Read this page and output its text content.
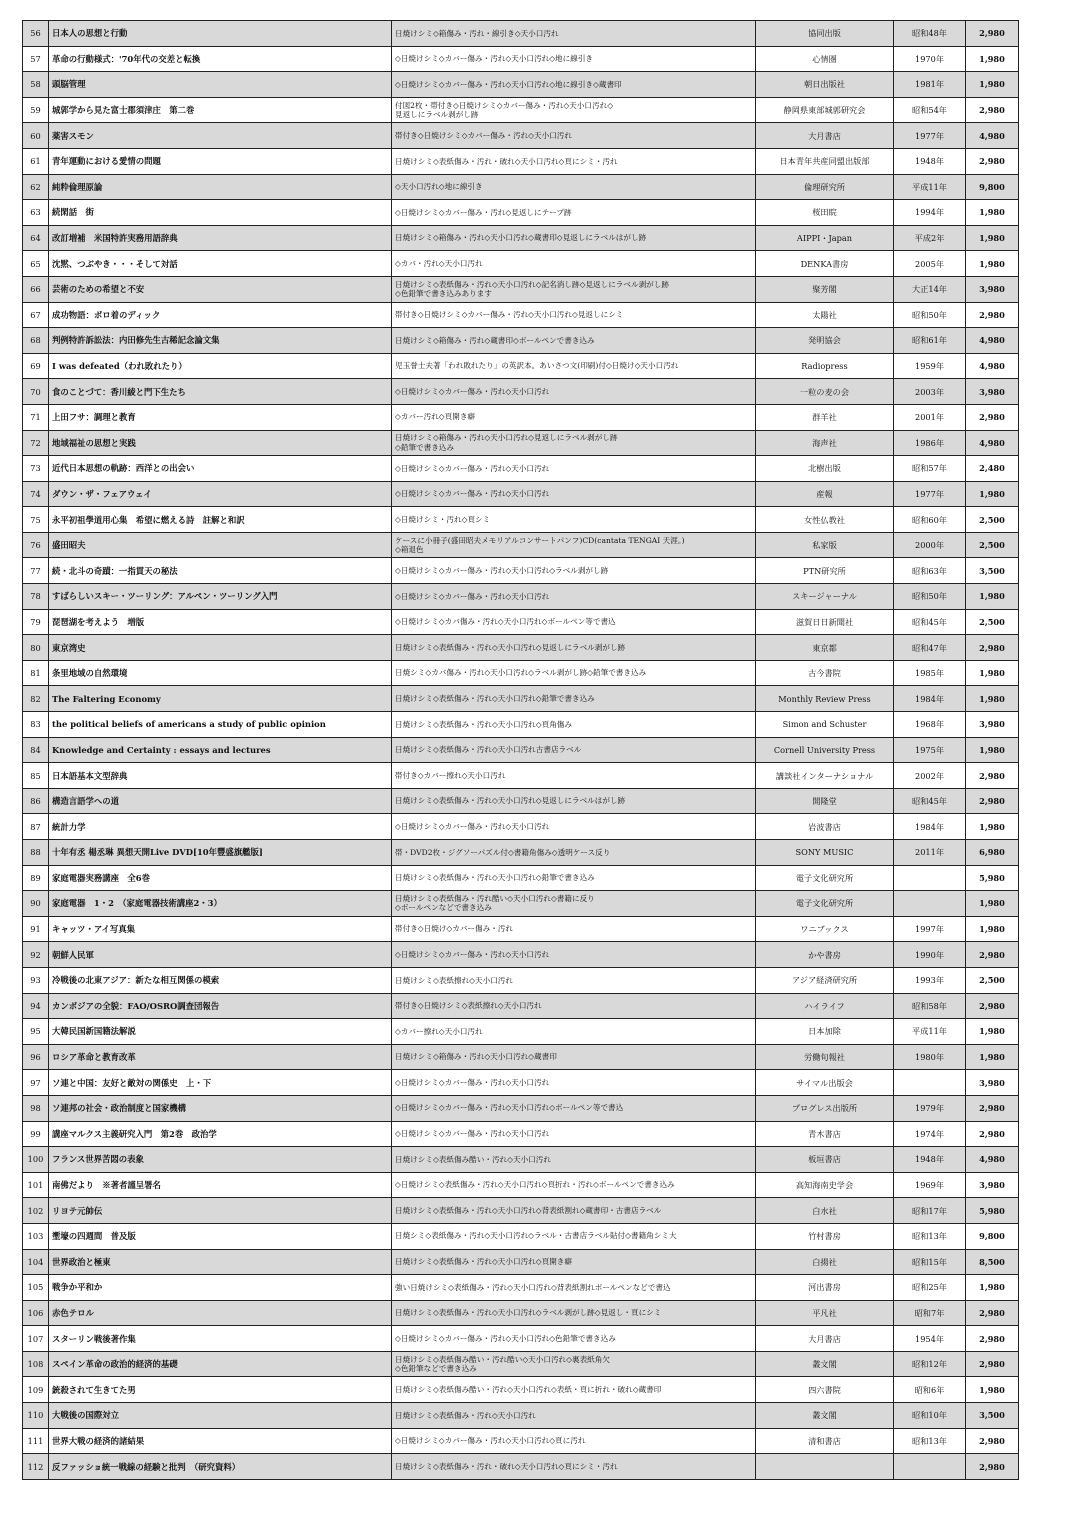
56	日本人の思想と行動	日焼けシミ◇箱傷み・汚れ・線引き◇天小口汚れ	協同出版	昭和48年	2,980
57	革命の行動様式：'70年代の交差と転換	◇日焼けシミ◇カバー傷み・汚れ◇天小口汚れ◇地に線引き	心情圏	1970年	1,980
58	頭脳管理	◇日焼けシミ◇カバー傷み・汚れ◇天小口汚れ◇地に線引き◇蔵書印	朝日出版社	1981年	1,980
59	城郭学から見た富士郡須津庄　第二巻	付図2枚・帯付き◇日焼けシミ◇カバー傷み・汚れ◇天小口汚れ◇
見返しにラベル剥がし跡	静岡県東部城郭研究会	昭和54年	2,980
60	薬害スモン	帯付き◇日焼けシミ◇カバー傷み・汚れ◇天小口汚れ	大月書店	1977年	4,980
61	青年運動における愛情の問題	日焼けシミ◇表紙傷み・汚れ・破れ◇天小口汚れ◇頁にシミ・汚れ	日本青年共産同盟出版部	1948年	2,980
62	純粋倫理原論	◇天小口汚れ◇地に線引き	倫理研究所	平成11年	9,800
63	続閑話　街	◇日焼けシミ◇カバー傷み・汚れ◇見返しにテープ跡	桜田睆	1994年	1,980
64	改訂増補　米国特許実務用語辞典	日焼けシミ◇箱傷み・汚れ◇天小口汚れ◇蔵書印◇見返しにラベルはがし跡	AIPPI・Japan	平成2年	1,980
65	沈黙、つぶやき・・・そして対話	◇カバ・汚れ◇天小口汚れ	DENKA書房	2005年	1,980
66	芸術のための希望と不安	日焼けシミ◇表紙傷み・汚れ◇天小口汚れ◇記名消し跡◇見返しにラベル剥がし跡
◇色鉛筆で書き込みあります	聚芳閣	大正14年	3,980
67	成功物語：ボロ着のディック	帯付き◇日焼けシミ◇カバー傷み・汚れ◇天小口汚れ◇見返しにシミ	太陽社	昭和50年	2,980
68	判例特許訴訟法：内田修先生古稀記念論文集	日焼けシミ◇箱傷み・汚れ◇蔵書印◇ボールペンで書き込み	発明協会	昭和61年	4,980
69	I was defeated（われ敗れたり）	児玉誉士夫著「われ敗れたり」の英訳本。あいさつ文(印刷)付◇日焼け◇天小口汚れ	Radiopress	1959年	4,980
70	食のことづて：香川綾と門下生たち	◇日焼けシミ◇カバー傷み・汚れ◇天小口汚れ	一粒の麦の会	2003年	3,980
71	上田フサ：調理と教育	◇カバー汚れ◇頁開き癖	群羊社	2001年	2,980
72	地域福祉の思想と実践	日焼けシミ◇箱傷み・汚れ◇天小口汚れ◇見返しにラベル剥がし跡
◇鉛筆で書き込み	海声社	1986年	4,980
73	近代日本思想の軌跡：西洋との出会い	◇日焼けシミ◇カバー傷み・汚れ◇天小口汚れ	北樹出版	昭和57年	2,480
74	ダウン・ザ・フェアウェイ	◇日焼けシミ◇カバー傷み・汚れ◇天小口汚れ	産報	1977年	1,980
75	永平初祖學道用心集　希望に燃える詩　註解と和訳	◇日焼けシミ・汚れ◇頁シミ	女性仏教社	昭和60年	2,500
76	盛田昭夫	ケースに小冊子(盛田昭夫メモリアルコンサートパンフ)CD(cantata TENGAI 天涯。)
◇箱退色	私家版	2000年	2,500
77	続・北斗の奇蹟：一指貫天の秘法	◇日焼けシミ◇カバー傷み・汚れ◇天小口汚れ◇ラベル剥がし跡	PTN研究所	昭和63年	3,500
78	すばらしいスキー・ツーリング：アルペン・ツーリング入門	◇日焼けシミ◇カバー傷み・汚れ◇天小口汚れ	スキージャーナル	昭和50年	1,980
79	琵琶湖を考えよう　増版	◇日焼けシミ◇カバ傷み・汚れ◇天小口汚れ◇ボールペン等で書込	滋賀日日新聞社	昭和45年	2,500
80	東京湾史	日焼けシミ◇表紙傷み・汚れ◇天小口汚れ◇見返しにラベル剥がし跡	東京都	昭和47年	2,980
81	条里地域の自然環境	日焼シミ◇カバ傷み・汚れ◇天小口汚れ◇ラベル剥がし跡◇鉛筆で書き込み	古今書院	1985年	1,980
82	The Faltering Economy	日焼けシミ◇表紙傷み・汚れ◇天小口汚れ◇鉛筆で書き込み	Monthly Review Press	1984年	1,980
83	the political beliefs of americans a study of public opinion	日焼けシミ◇表紙傷み・汚れ◇天小口汚れ◇頁角傷み	Simon and Schuster	1968年	3,980
84	Knowledge and Certainty : essays and lectures	日焼けシミ◇表紙傷み・汚れ◇天小口汚れ古書店ラベル	Cornell University Press	1975年	1,980
85	日本語基本文型辞典	帯付き◇カバー擦れ◇天小口汚れ	講談社インターナショナル	2002年	2,980
86	構造言語学への道	日焼けシミ◇表紙傷み・汚れ◇天小口汚れ◇見返しにラベルはがし跡	開隆堂	昭和45年	2,980
87	統計力学	◇日焼けシミ◇カバー傷み・汚れ◇天小口汚れ	岩波書店	1984年	1,980
88	十年有丞 楊丞琳 異想天開Live DVD[10年豐盛旗艦版]	帯・DVD2枚・ジグソーパズル付◇書籍角傷み◇透明ケース反り	SONY MUSIC	2011年	6,980
89	家庭電器実務講座　全6巻	日焼けシミ◇表紙傷み・汚れ◇天小口汚れ◇鉛筆で書き込み	電子文化研究所		5,980
90	家庭電器　1・2　（家庭電器技術講座2・3）	日焼けシミ◇表紙傷み・汚れ酷い◇天小口汚れ◇書籍に反り
◇ボールペンなどで書き込み	電子文化研究所		1,980
91	キャッツ・アイ写真集	帯付き◇日焼け◇カバー傷み・汚れ	ワニブックス	1997年	1,980
92	朝鮮人民軍	◇日焼けシミ◇カバー傷み・汚れ◇天小口汚れ	かや書房	1990年	2,980
93	冷戦後の北東アジア：新たな相互関係の模索	日焼けシミ◇表紙擦れ◇天小口汚れ	アジア経済研究所	1993年	2,500
94	カンボジアの全貌：FAO/OSRO調査団報告	帯付き◇日焼けシミ◇表紙擦れ◇天小口汚れ	ハイライフ	昭和58年	2,980
95	大韓民国新国籍法解説	◇カバー擦れ◇天小口汚れ	日本加除	平成11年	1,980
96	ロシア革命と教育改革	日焼けシミ◇箱傷み・汚れ◇天小口汚れ◇蔵書印	労働旬報社	1980年	1,980
97	ソ連と中国：友好と敵対の関係史　上・下	◇日焼けシミ◇カバー傷み・汚れ◇天小口汚れ	サイマル出版会		3,980
98	ソ連邦の社会・政治制度と国家機構	◇日焼けシミ◇カバー傷み・汚れ◇天小口汚れ◇ボールペン等で書込	プログレス出版所	1979年	2,980
99	講座マルクス主義研究入門　第2巻　政治学	◇日焼けシミ◇カバー傷み・汚れ◇天小口汚れ	青木書店	1974年	2,980
100	フランス世界苦悶の表象	日焼けシミ◇表紙傷み酷い・汚れ◇天小口汚れ	板垣書店	1948年	4,980
101	南佛だより　※著者謹呈署名	◇日焼けシミ◇表紙傷み・汚れ◇天小口汚れ◇頁折れ・汚れ◇ボールペンで書き込み	高知海南史学会	1969年	3,980
102	リヨテ元帥伝	日焼けシミ◇表紙傷み・汚れ◇天小口汚れ◇背表紙割れ◇蔵書印・古書店ラベル	白水社	昭和17年	5,980
103	壍壕の四週間　普及版	日焼シミ◇表紙傷み・汚れ◇天小口汚れ◇ラベル・古書店ラベル貼付◇書籍角シミ大	竹村書房	昭和13年	9,800
104	世界政治と極東	日焼けシミ◇表紙傷み・汚れ◇天小口汚れ◇頁開き癖	白揚社	昭和15年	8,500
105	戦争か平和か	強い日焼けシミ◇表紙傷み・汚れ◇天小口汚れ◇背表紙割れボールペンなどで書込	河出書房	昭和25年	1,980
106	赤色テロル	日焼けシミ◇表紙傷み・汚れ◇天小口汚れ◇ラベル剥がし跡◇見返し・頁にシミ	平凡社	昭和7年	2,980
107	スターリン戦後著作集	◇日焼けシミ◇カバー傷み・汚れ◇天小口汚れ◇色鉛筆で書き込み	大月書店	1954年	2,980
108	スペイン革命の政治的経済的基礎	日焼けシミ◇表紙傷み酷い・汚れ酷い◇天小口汚れ◇裏表紙角欠
◇色鉛筆などで書き込み	叢文閣	昭和12年	2,980
109	銃殺されて生きてた男	日焼けシミ◇表紙傷み酷い・汚れ◇天小口汚れ◇表紙・頁に折れ・破れ◇蔵書印	四六書院	昭和6年	1,980
110	大戦後の国際対立	日焼けシミ◇表紙傷み・汚れ◇天小口汚れ	叢文閣	昭和10年	3,500
111	世界大戦の経済的諸結果	◇日焼けシミ◇カバー傷み・汚れ◇天小口汚れ◇頁に汚れ	清和書店	昭和13年	2,980
112	反ファッショ統一戦線の経験と批判　（研究資料）	日焼けシミ◇表紙傷み・汚れ・破れ◇天小口汚れ◇頁にシミ・汚れ			2,980
